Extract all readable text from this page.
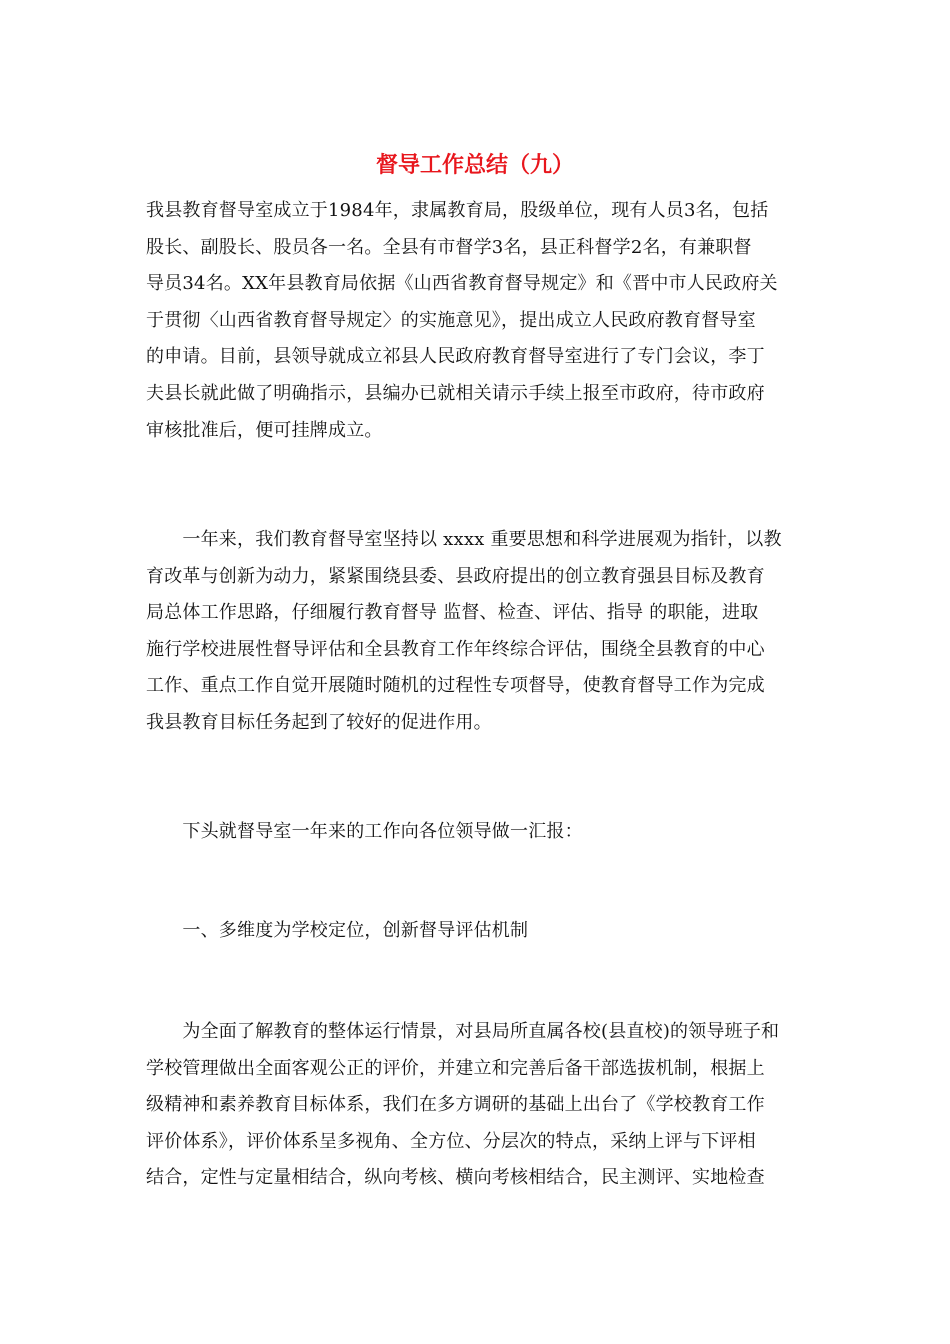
督导工作总结（九）

我县教育督导室成立于1984年，隶属教育局，股级单位，现有人员3名，包括
股长、副股长、股员各一名。全县有市督学3名，县正科督学2名，有兼职督
导员34名。XX年县教育局依据《山西省教育督导规定》和《晋中市人民政府关
于贯彻〈山西省教育督导规定〉的实施意见》，提出成立人民政府教育督导室
的申请。目前，县领导就成立祁县人民政府教育督导室进行了专门会议，李丁
夫县长就此做了明确指示，县编办已就相关请示手续上报至市政府，待市政府
审核批准后，便可挂牌成立。

　　一年来，我们教育督导室坚持以 xxxx 重要思想和科学进展观为指针，以教
育改革与创新为动力，紧紧围绕县委、县政府提出的创立教育强县目标及教育
局总体工作思路，仔细履行教育督导 监督、检查、评估、指导 的职能，进取
施行学校进展性督导评估和全县教育工作年终综合评估，围绕全县教育的中心
工作、重点工作自觉开展随时随机的过程性专项督导，使教育督导工作为完成
我县教育目标任务起到了较好的促进作用。

　　下头就督导室一年来的工作向各位领导做一汇报：

　　一、多维度为学校定位，创新督导评估机制

　　为全面了解教育的整体运行情景，对县局所直属各校(县直校)的领导班子和
学校管理做出全面客观公正的评价，并建立和完善后备干部选拔机制，根据上
级精神和素养教育目标体系，我们在多方调研的基础上出台了《学校教育工作
评价体系》，评价体系呈多视角、全方位、分层次的特点，采纳上评与下评相
结合，定性与定量相结合，纵向考核、横向考核相结合，民主测评、实地检查
